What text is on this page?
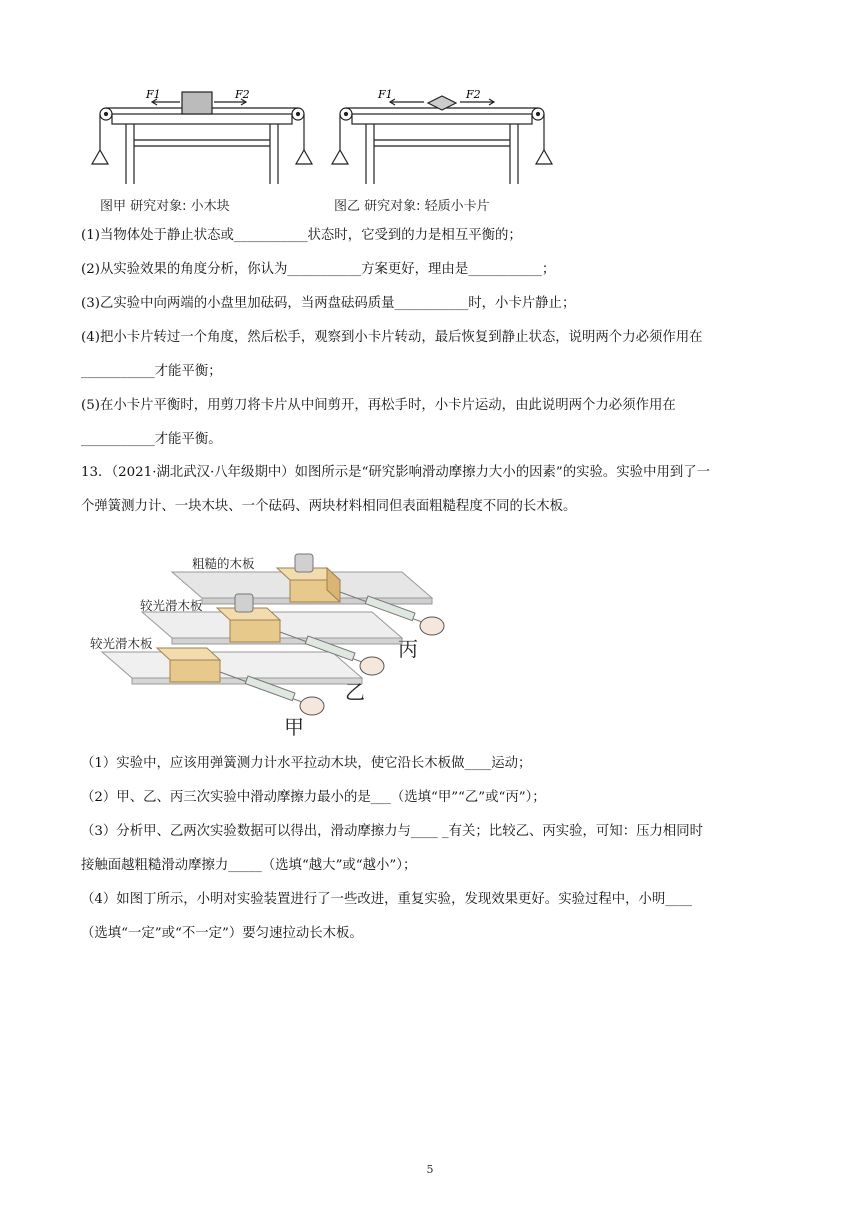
F1	F2	F1	F2
图甲 研究对象: 小木块	图乙 研究对象: 轻质小卡片
(1)当物体处于静止状态或___________状态时，它受到的力是相互平衡的；
(2)从实验效果的角度分析，你认为___________方案更好，理由是___________；
(3)乙实验中向两端的小盘里加砝码，当两盘砝码质量___________时，小卡片静止；
(4)把小卡片转过一个角度，然后松手，观察到小卡片转动，最后恢复到静止状态，说明两个力必须作用在
___________才能平衡；
(5)在小卡片平衡时，用剪刀将卡片从中间剪开，再松手时，小卡片运动，由此说明两个力必须作用在
___________才能平衡。
13．（2021·湖北武汉·八年级期中）如图所示是“研究影响滑动摩擦力大小的因素”的实验。实验中用到了一
个弹簧测力计、一块木块、一个砝码、两块材料相同但表面粗糙程度不同的长木板。
粗糙的木板
较光滑木板
较光滑木板	丙
乙
甲
（1）实验中，应该用弹簧测力计水平拉动木块，使它沿长木板做____运动；
（2）甲、乙、丙三次实验中滑动摩擦力最小的是___（选填“甲”“乙”或“丙”）；
（3）分析甲、乙两次实验数据可以得出，滑动摩擦力与____ _有关；比较乙、丙实验，可知：压力相同时
接触面越粗糙滑动摩擦力_____（选填“越大”或“越小”）；
（4）如图丁所示，小明对实验装置进行了一些改进，重复实验，发现效果更好。实验过程中，小明____
（选填“一定”或“不一定”）要匀速拉动长木板。
5
